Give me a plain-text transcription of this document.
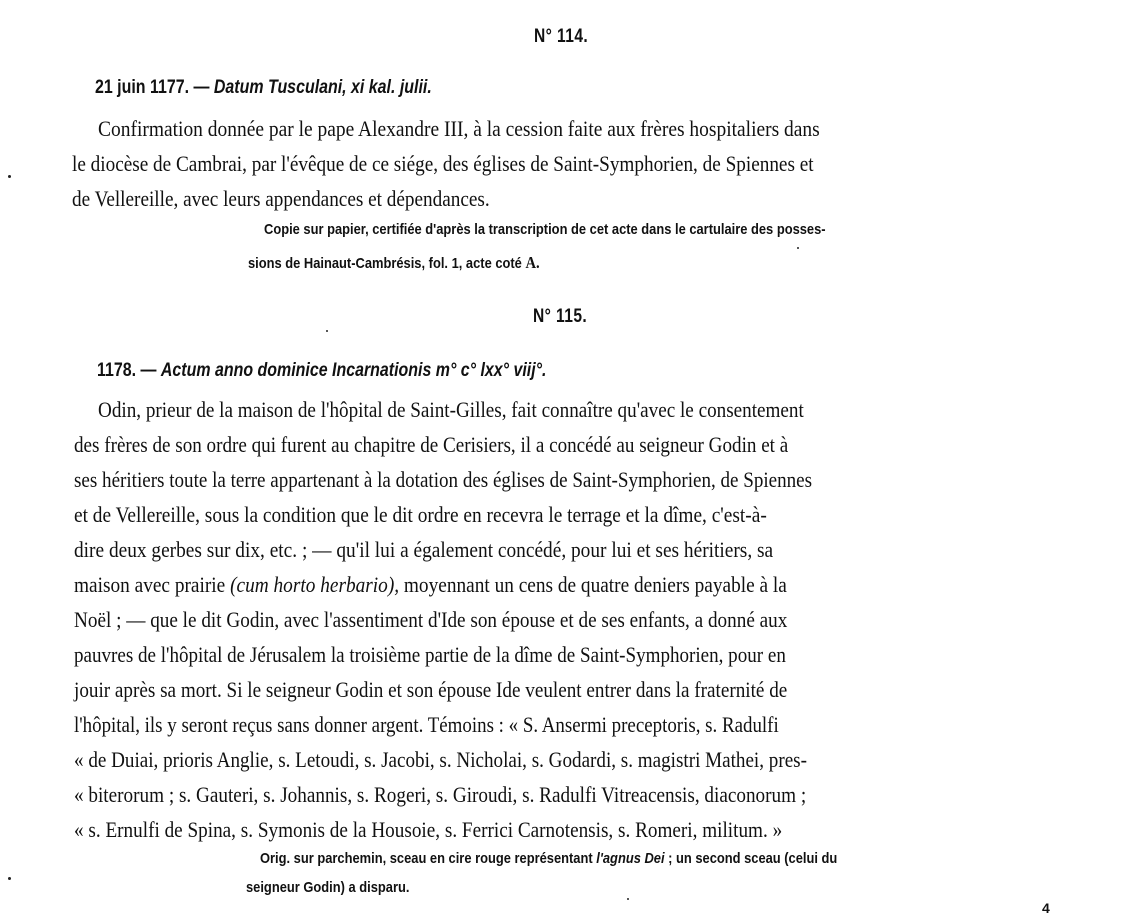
N° 114.
21 juin 1177. — Datum Tusculani, xi kal. julii.
Confirmation donnée par le pape Alexandre III, à la cession faite aux frères hospitaliers dans
le diocèse de Cambrai, par l'évêque de ce siége, des églises de Saint-Symphorien, de Spiennes et
de Vellereille, avec leurs appendances et dépendances.
Copie sur papier, certifiée d'après la transcription de cet acte dans le cartulaire des posses-
sions de Hainaut-Cambrésis, fol. 1, acte coté A.
N° 115.
1178. — Actum anno dominice Incarnationis m° c° lxx° viij°.
Odin, prieur de la maison de l'hôpital de Saint-Gilles, fait connaître qu'avec le consentement
des frères de son ordre qui furent au chapitre de Cerisiers, il a concédé au seigneur Godin et à
ses héritiers toute la terre appartenant à la dotation des églises de Saint-Symphorien, de Spiennes
et de Vellereille, sous la condition que le dit ordre en recevra le terrage et la dîme, c'est-à-
dire deux gerbes sur dix, etc. ; — qu'il lui a également concédé, pour lui et ses héritiers, sa
maison avec prairie (cum horto herbario), moyennant un cens de quatre deniers payable à la
Noël ; — que le dit Godin, avec l'assentiment d'Ide son épouse et de ses enfants, a donné aux
pauvres de l'hôpital de Jérusalem la troisième partie de la dîme de Saint-Symphorien, pour en
jouir après sa mort. Si le seigneur Godin et son épouse Ide veulent entrer dans la fraternité de
l'hôpital, ils y seront reçus sans donner argent. Témoins : « S. Ansermi preceptoris, s. Radulfi
« de Duiai, prioris Anglie, s. Letoudi, s. Jacobi, s. Nicholai, s. Godardi, s. magistri Mathei, pres-
« biterorum ; s. Gauteri, s. Johannis, s. Rogeri, s. Giroudi, s. Radulfi Vitreacensis, diaconorum ;
« s. Ernulfi de Spina, s. Symonis de la Housoie, s. Ferrici Carnotensis, s. Romeri, militum. »
Orig. sur parchemin, sceau en cire rouge représentant l'agnus Dei ; un second sceau (celui du
seigneur Godin) a disparu.
4
